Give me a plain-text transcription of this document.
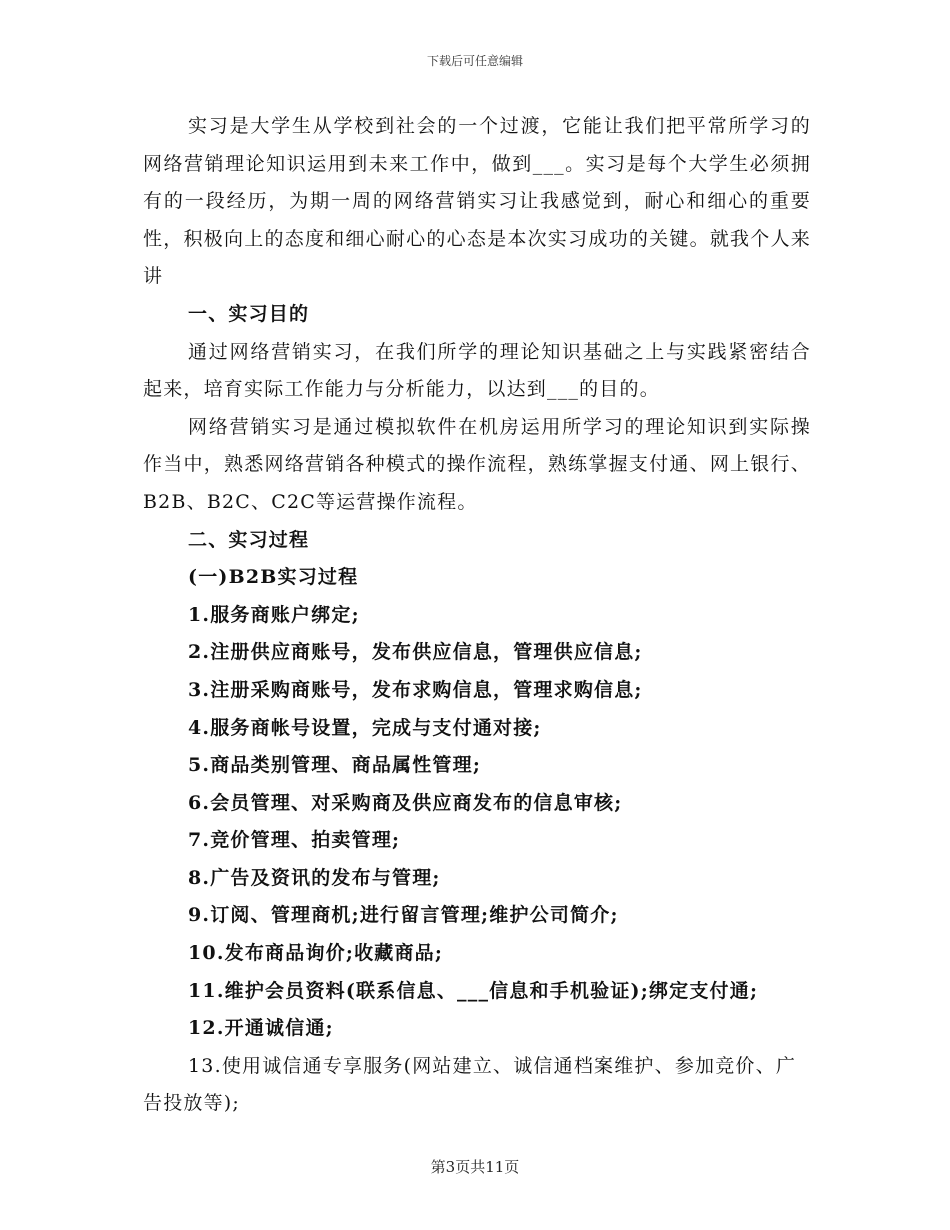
下载后可任意编辑

实习是大学生从学校到社会的一个过渡，它能让我们把平常所学习的网络营销理论知识运用到未来工作中，做到___。实习是每个大学生必须拥有的一段经历，为期一周的网络营销实习让我感觉到，耐心和细心的重要性，积极向上的态度和细心耐心的心态是本次实习成功的关键。就我个人来讲

一、实习目的

通过网络营销实习，在我们所学的理论知识基础之上与实践紧密结合起来，培育实际工作能力与分析能力，以达到___的目的。

网络营销实习是通过模拟软件在机房运用所学习的理论知识到实际操作当中，熟悉网络营销各种模式的操作流程，熟练掌握支付通、网上银行、B2B、B2C、C2C等运营操作流程。

二、实习过程

(一)B2B实习过程

1.服务商账户绑定;

2.注册供应商账号，发布供应信息，管理供应信息;

3.注册采购商账号，发布求购信息，管理求购信息;

4.服务商帐号设置，完成与支付通对接;

5.商品类别管理、商品属性管理;

6.会员管理、对采购商及供应商发布的信息审核;

7.竞价管理、拍卖管理;

8.广告及资讯的发布与管理;

9.订阅、管理商机;进行留言管理;维护公司简介;

10.发布商品询价;收藏商品;

11.维护会员资料(联系信息、___信息和手机验证);绑定支付通;

12.开通诚信通;

13.使用诚信通专享服务(网站建立、诚信通档案维护、参加竞价、广告投放等);

第3页共11页
